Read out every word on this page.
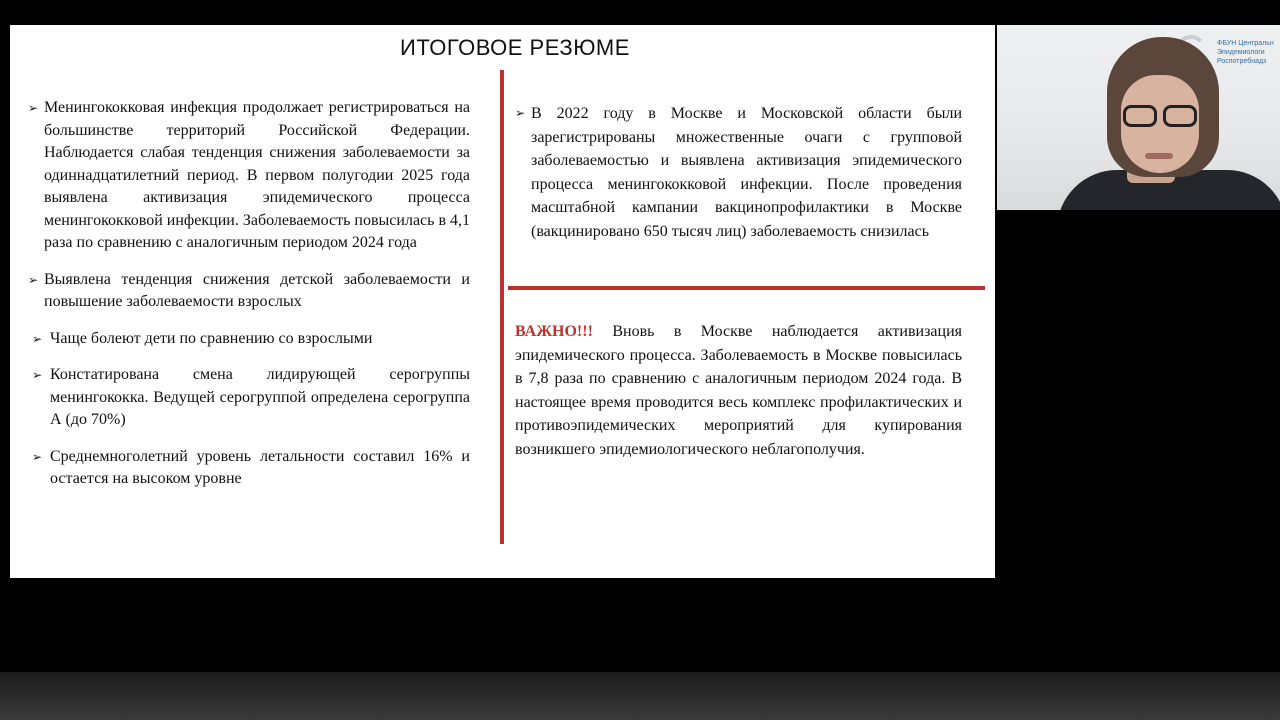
ИТОГОВОЕ РЕЗЮМЕ
➢ Менингококковая инфекция продолжает регистрироваться на большинстве территорий Российской Федерации. Наблюдается слабая тенденция снижения заболеваемости за одиннадцатилетний период. В первом полугодии 2025 года выявлена активизация эпидемического процесса менингококковой инфекции. Заболеваемость повысилась в 4,1 раза по сравнению с аналогичным периодом 2024 года
➢ Выявлена тенденция снижения детской заболеваемости и повышение заболеваемости взрослых
➢ Чаще болеют дети по сравнению со взрослыми
➢ Констатирована смена лидирующей серогруппы менингококка. Ведущей серогруппой определена серогруппа А (до 70%)
➢ Среднемноголетний уровень летальности составил 16% и остается на высоком уровне
➢ В 2022 году в Москве и Московской области были зарегистрированы множественные очаги с групповой заболеваемостью и выявлена активизация эпидемического процесса менингококковой инфекции. После проведения масштабной кампании вакцинопрофилактики в Москве (вакцинировано 650 тысяч лиц) заболеваемость снизилась
ВАЖНО!!! Вновь в Москве наблюдается активизация эпидемического процесса. Заболеваемость в Москве повысилась в 7,8 раза по сравнению с аналогичным периодом 2024 года. В настоящее время проводится весь комплекс профилактических и противоэпидемических мероприятий для купирования возникшего эпидемиологического неблагополучия.
ФБУН Центральн
Эпидемиологи
Роспотребнадз
